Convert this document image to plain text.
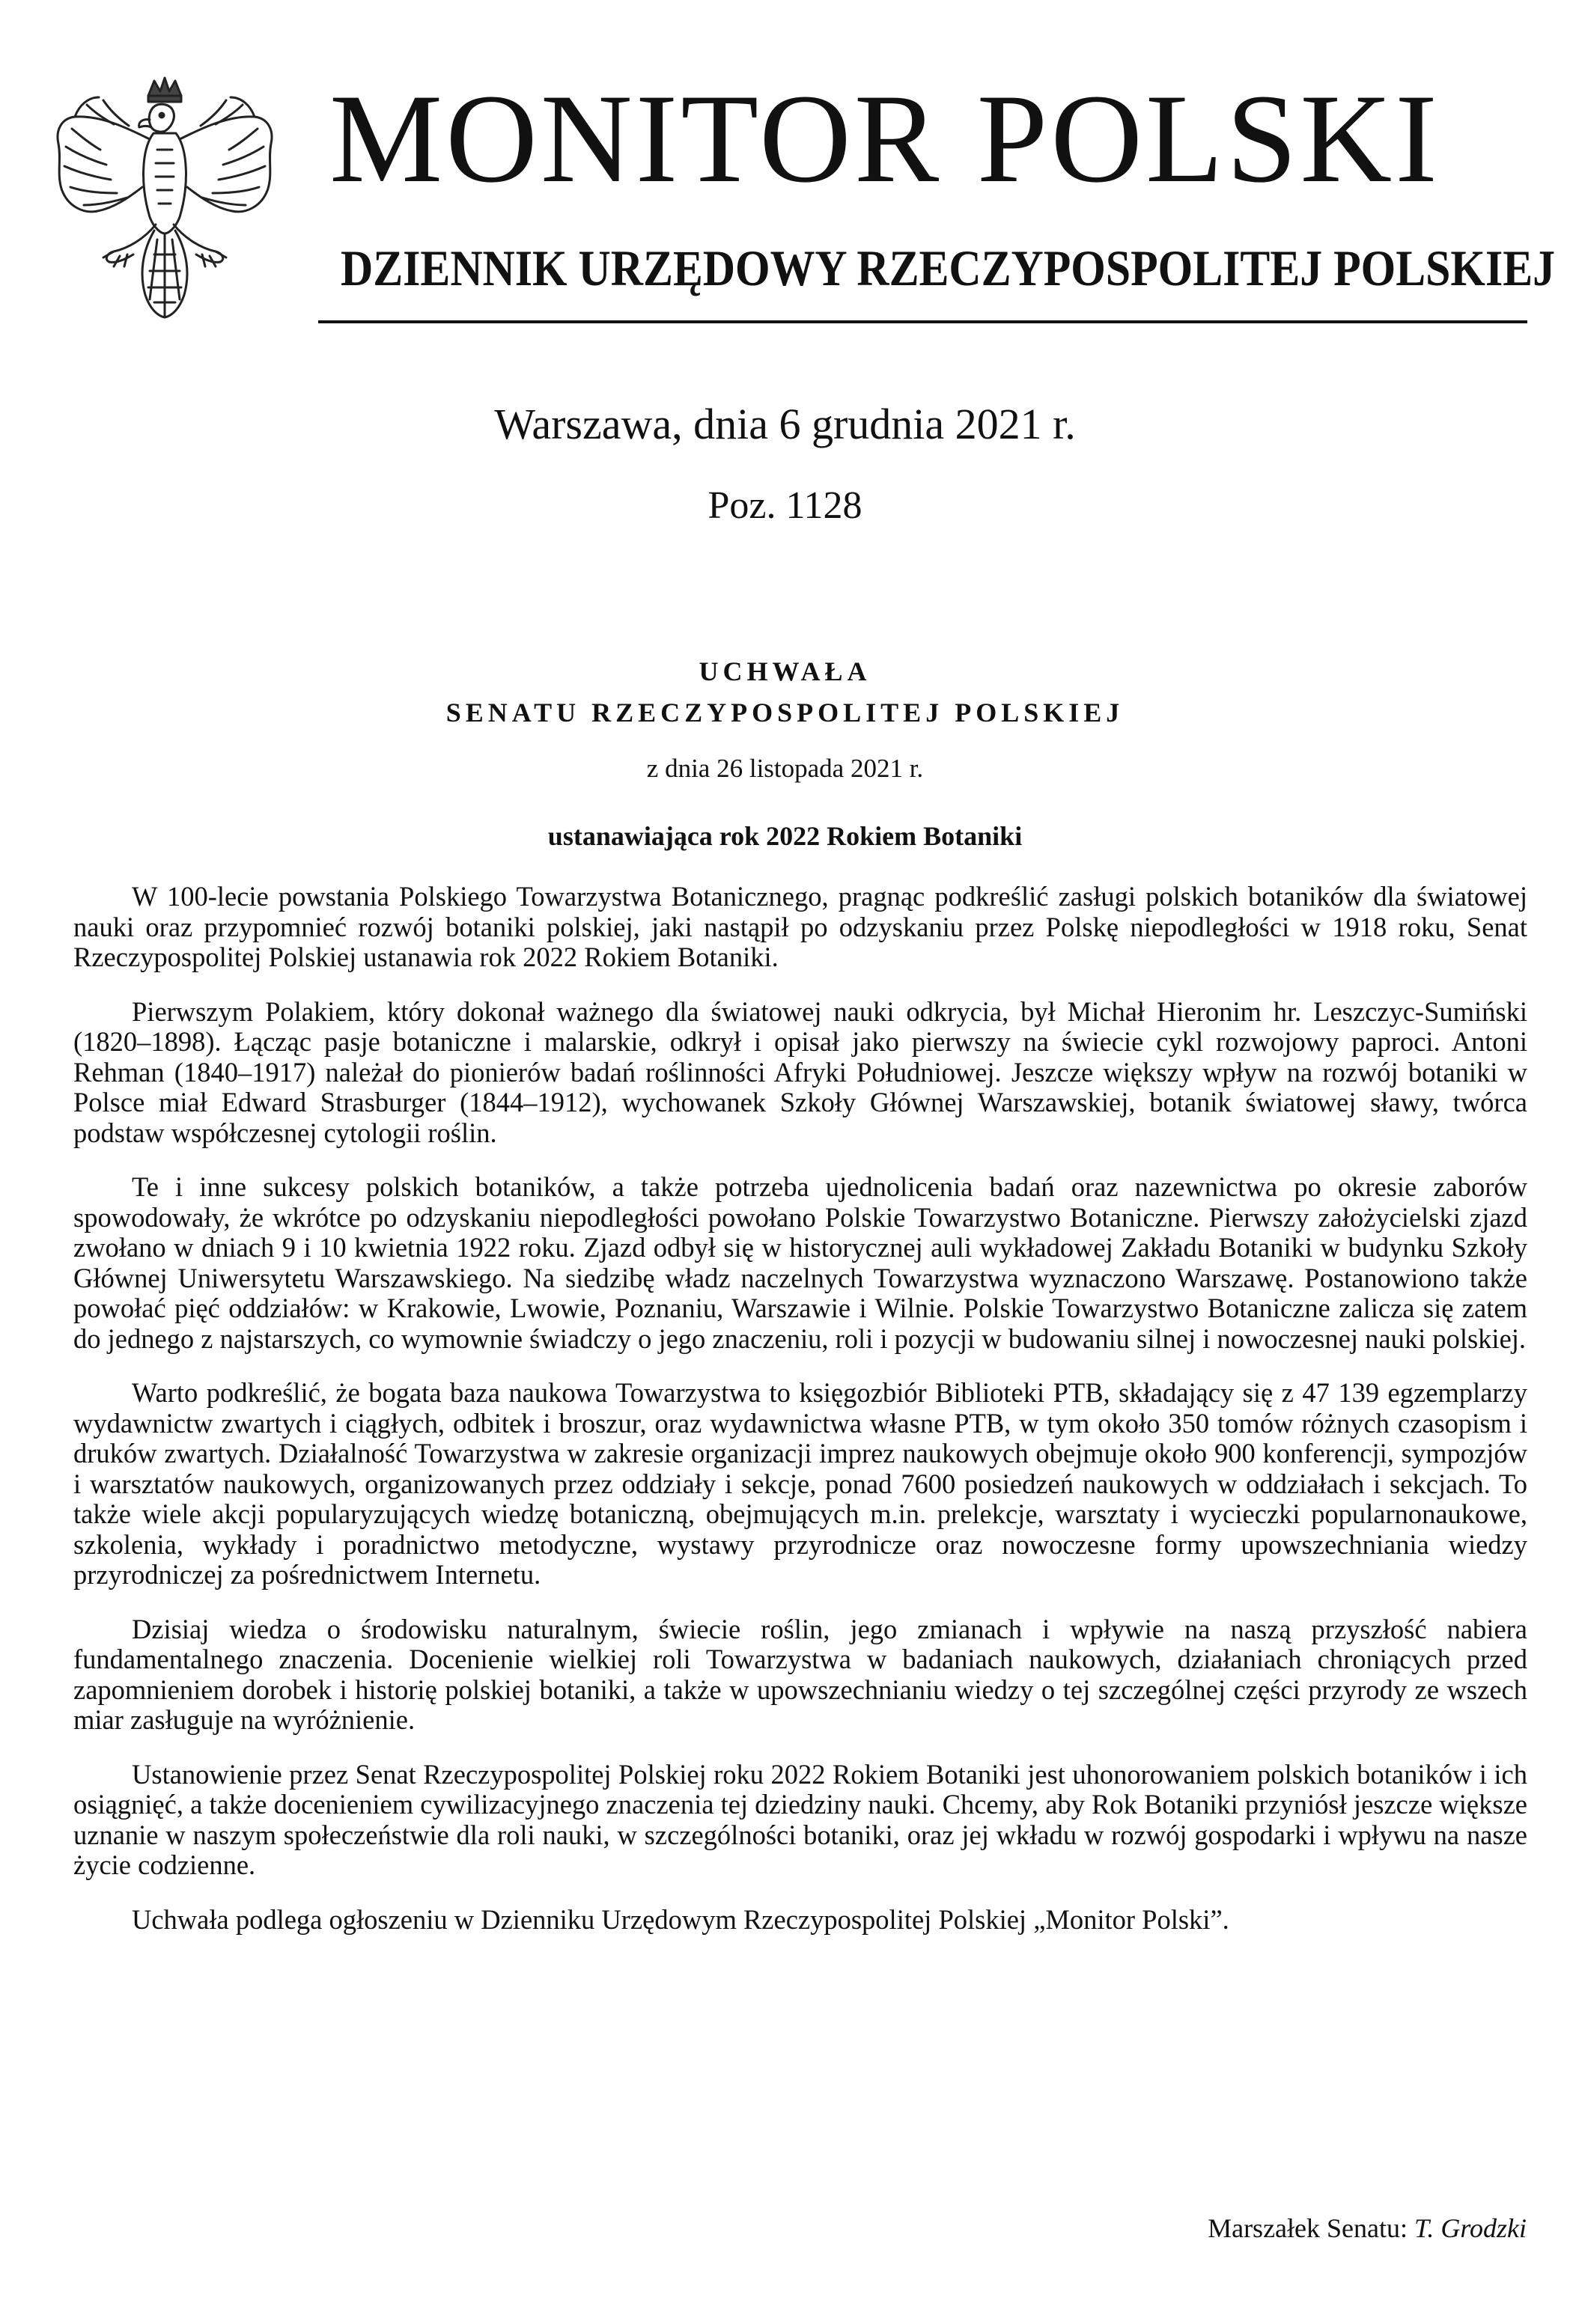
MONITOR POLSKI
DZIENNIK URZĘDOWY RZECZYPOSPOLITEJ POLSKIEJ
Warszawa, dnia 6 grudnia 2021 r.
Poz. 1128
UCHWAŁA
SENATU RZECZYPOSPOLITEJ POLSKIEJ
z dnia 26 listopada 2021 r.
ustanawiająca rok 2022 Rokiem Botaniki

W 100-lecie powstania Polskiego Towarzystwa Botanicznego, pragnąc podkreślić zasługi polskich botaników dla światowej nauki oraz przypomnieć rozwój botaniki polskiej, jaki nastąpił po odzyskaniu przez Polskę niepodległości w 1918 roku, Senat Rzeczypospolitej Polskiej ustanawia rok 2022 Rokiem Botaniki.

Pierwszym Polakiem, który dokonał ważnego dla światowej nauki odkrycia, był Michał Hieronim hr. Leszczyc-Sumiński (1820–1898). Łącząc pasje botaniczne i malarskie, odkrył i opisał jako pierwszy na świecie cykl rozwojowy paproci. Antoni Rehman (1840–1917) należał do pionierów badań roślinności Afryki Południowej. Jeszcze większy wpływ na rozwój botaniki w Polsce miał Edward Strasburger (1844–1912), wychowanek Szkoły Głównej Warszawskiej, botanik światowej sławy, twórca podstaw współczesnej cytologii roślin.

Te i inne sukcesy polskich botaników, a także potrzeba ujednolicenia badań oraz nazewnictwa po okresie zaborów spowodowały, że wkrótce po odzyskaniu niepodległości powołano Polskie Towarzystwo Botaniczne. Pierwszy założycielski zjazd zwołano w dniach 9 i 10 kwietnia 1922 roku. Zjazd odbył się w historycznej auli wykładowej Zakładu Botaniki w budynku Szkoły Głównej Uniwersytetu Warszawskiego. Na siedzibę władz naczelnych Towarzystwa wyznaczono Warszawę. Postanowiono także powołać pięć oddziałów: w Krakowie, Lwowie, Poznaniu, Warszawie i Wilnie. Polskie Towarzystwo Botaniczne zalicza się zatem do jednego z najstarszych, co wymownie świadczy o jego znaczeniu, roli i pozycji w budowaniu silnej i nowoczesnej nauki polskiej.

Warto podkreślić, że bogata baza naukowa Towarzystwa to księgozbiór Biblioteki PTB, składający się z 47 139 egzemplarzy wydawnictw zwartych i ciągłych, odbitek i broszur, oraz wydawnictwa własne PTB, w tym około 350 tomów różnych czasopism i druków zwartych. Działalność Towarzystwa w zakresie organizacji imprez naukowych obejmuje około 900 konferencji, sympozjów i warsztatów naukowych, organizowanych przez oddziały i sekcje, ponad 7600 posiedzeń naukowych w oddziałach i sekcjach. To także wiele akcji popularyzujących wiedzę botaniczną, obejmujących m.in. prelekcje, warsztaty i wycieczki popularnonaukowe, szkolenia, wykłady i poradnictwo metodyczne, wystawy przyrodnicze oraz nowoczesne formy upowszechniania wiedzy przyrodniczej za pośrednictwem Internetu.

Dzisiaj wiedza o środowisku naturalnym, świecie roślin, jego zmianach i wpływie na naszą przyszłość nabiera fundamentalnego znaczenia. Docenienie wielkiej roli Towarzystwa w badaniach naukowych, działaniach chroniących przed zapomnieniem dorobek i historię polskiej botaniki, a także w upowszechnianiu wiedzy o tej szczególnej części przyrody ze wszech miar zasługuje na wyróżnienie.

Ustanowienie przez Senat Rzeczypospolitej Polskiej roku 2022 Rokiem Botaniki jest uhonorowaniem polskich botaników i ich osiągnięć, a także docenieniem cywilizacyjnego znaczenia tej dziedziny nauki. Chcemy, aby Rok Botaniki przyniósł jeszcze większe uznanie w naszym społeczeństwie dla roli nauki, w szczególności botaniki, oraz jej wkładu w rozwój gospodarki i wpływu na nasze życie codzienne.

Uchwała podlega ogłoszeniu w Dzienniku Urzędowym Rzeczypospolitej Polskiej „Monitor Polski”.

Marszałek Senatu: T. Grodzki
